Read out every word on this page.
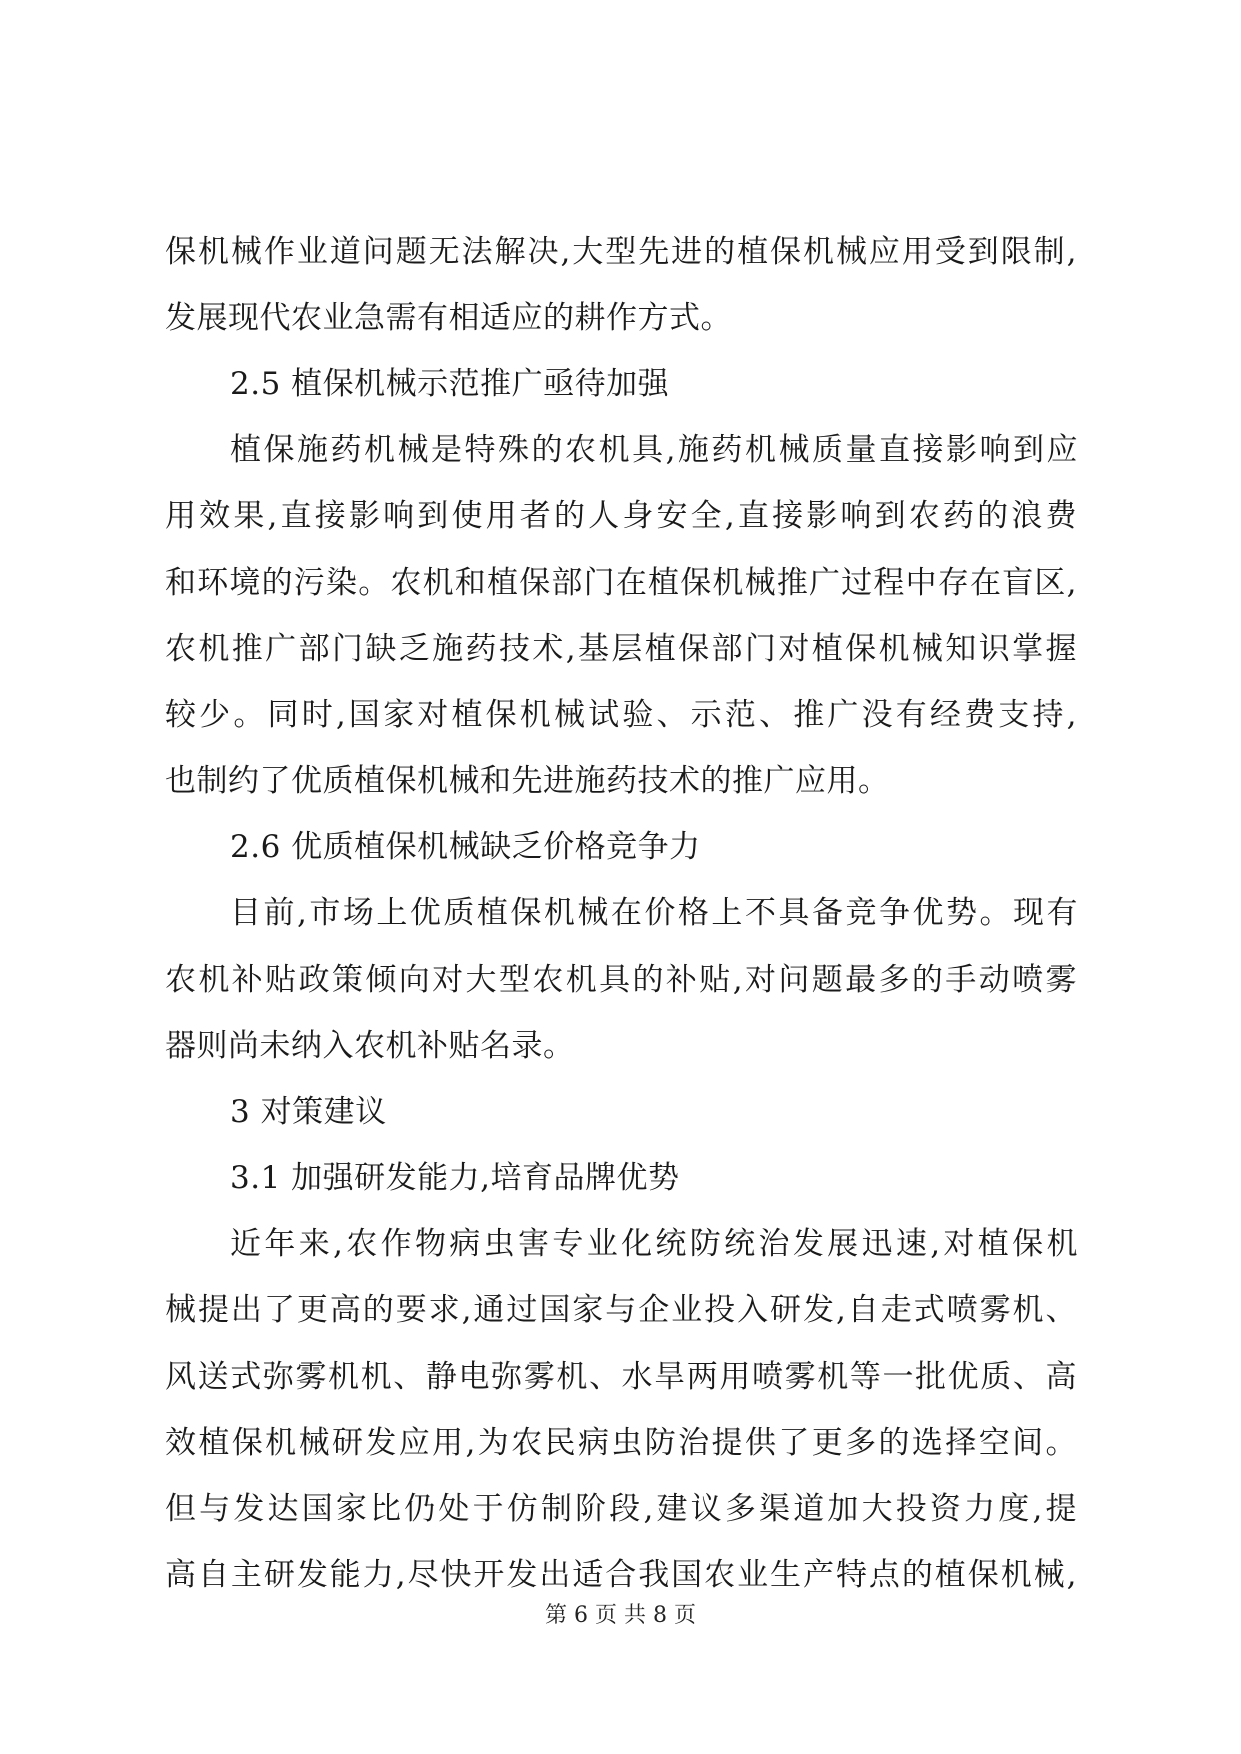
保机械作业道问题无法解决,大型先进的植保机械应用受到限制,
发展现代农业急需有相适应的耕作方式。
2.5 植保机械示范推广亟待加强
植保施药机械是特殊的农机具,施药机械质量直接影响到应
用效果,直接影响到使用者的人身安全,直接影响到农药的浪费
和环境的污染。农机和植保部门在植保机械推广过程中存在盲区,
农机推广部门缺乏施药技术,基层植保部门对植保机械知识掌握
较少。同时,国家对植保机械试验、示范、推广没有经费支持,
也制约了优质植保机械和先进施药技术的推广应用。
2.6 优质植保机械缺乏价格竞争力
目前,市场上优质植保机械在价格上不具备竞争优势。现有
农机补贴政策倾向对大型农机具的补贴,对问题最多的手动喷雾
器则尚未纳入农机补贴名录。
3 对策建议
3.1 加强研发能力,培育品牌优势
近年来,农作物病虫害专业化统防统治发展迅速,对植保机
械提出了更高的要求,通过国家与企业投入研发,自走式喷雾机、
风送式弥雾机机、静电弥雾机、水旱两用喷雾机等一批优质、高
效植保机械研发应用,为农民病虫防治提供了更多的选择空间。
但与发达国家比仍处于仿制阶段,建议多渠道加大投资力度,提
高自主研发能力,尽快开发出适合我国农业生产特点的植保机械,
第 6 页 共 8 页
